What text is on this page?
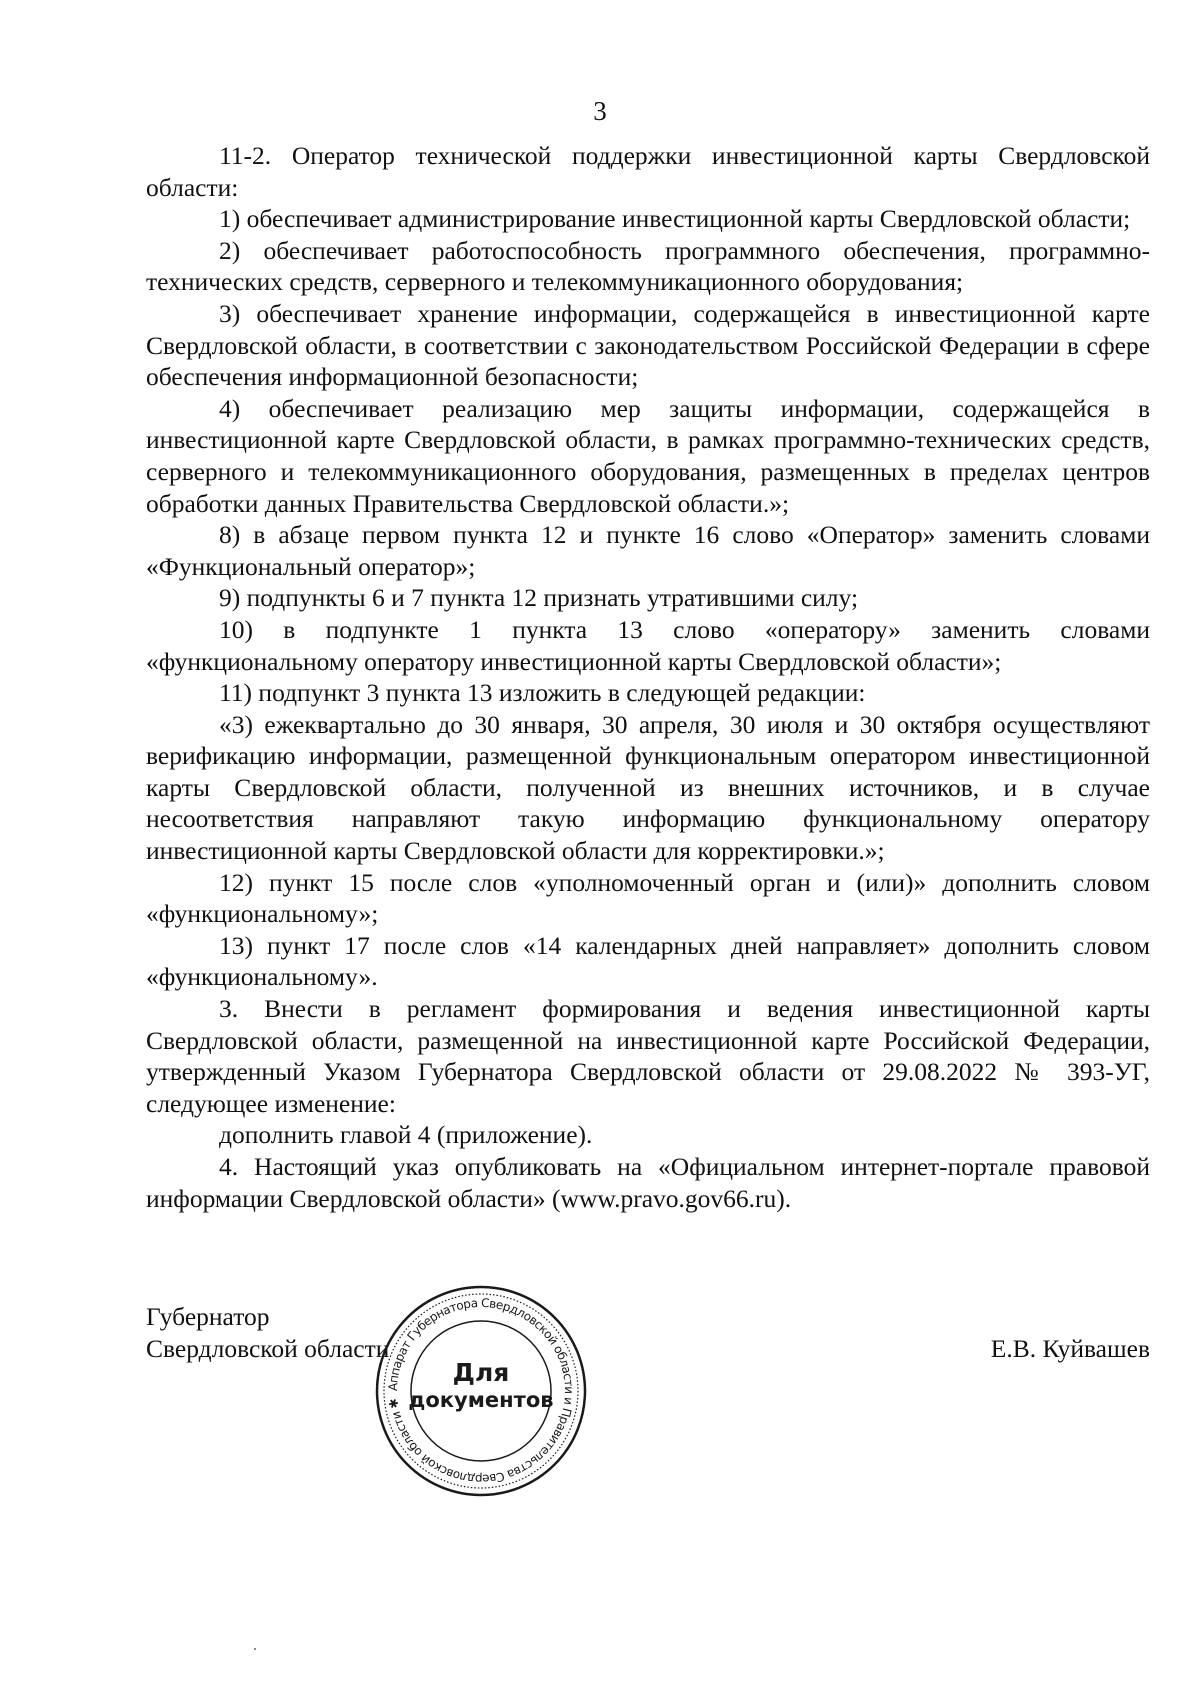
3

11-2. Оператор технической поддержки инвестиционной карты Свердловской области:

1) обеспечивает администрирование инвестиционной карты Свердловской области;

2) обеспечивает работоспособность программного обеспечения, программно-технических средств, серверного и телекоммуникационного оборудования;

3) обеспечивает хранение информации, содержащейся в инвестиционной карте Свердловской области, в соответствии с законодательством Российской Федерации в сфере обеспечения информационной безопасности;

4) обеспечивает реализацию мер защиты информации, содержащейся в инвестиционной карте Свердловской области, в рамках программно-технических средств, серверного и телекоммуникационного оборудования, размещенных в пределах центров обработки данных Правительства Свердловской области.»;

8) в абзаце первом пункта 12 и пункте 16 слово «Оператор» заменить словами «Функциональный оператор»;

9) подпункты 6 и 7 пункта 12 признать утратившими силу;

10) в подпункте 1 пункта 13 слово «оператору» заменить словами «функциональному оператору инвестиционной карты Свердловской области»;

11) подпункт 3 пункта 13 изложить в следующей редакции:

«3) ежеквартально до 30 января, 30 апреля, 30 июля и 30 октября осуществляют верификацию информации, размещенной функциональным оператором инвестиционной карты Свердловской области, полученной из внешних источников, и в случае несоответствия направляют такую информацию функциональному оператору инвестиционной карты Свердловской области для корректировки.»;

12) пункт 15 после слов «уполномоченный орган и (или)» дополнить словом «функциональному»;

13) пункт 17 после слов «14 календарных дней направляет» дополнить словом «функциональному».

3. Внести в регламент формирования и ведения инвестиционной карты Свердловской области, размещенной на инвестиционной карте Российской Федерации, утвержденный Указом Губернатора Свердловской области от 29.08.2022 № 393-УГ, следующее изменение:

дополнить главой 4 (приложение).

4. Настоящий указ опубликовать на «Официальном интернет-портале правовой информации Свердловской области» (www.pravo.gov66.ru).

Губернатор
Свердловской области	Е.В. Куйвашев
Аппарат Губернатора Свердловской области и Правительства Свердловской области ✱
Для
документов
